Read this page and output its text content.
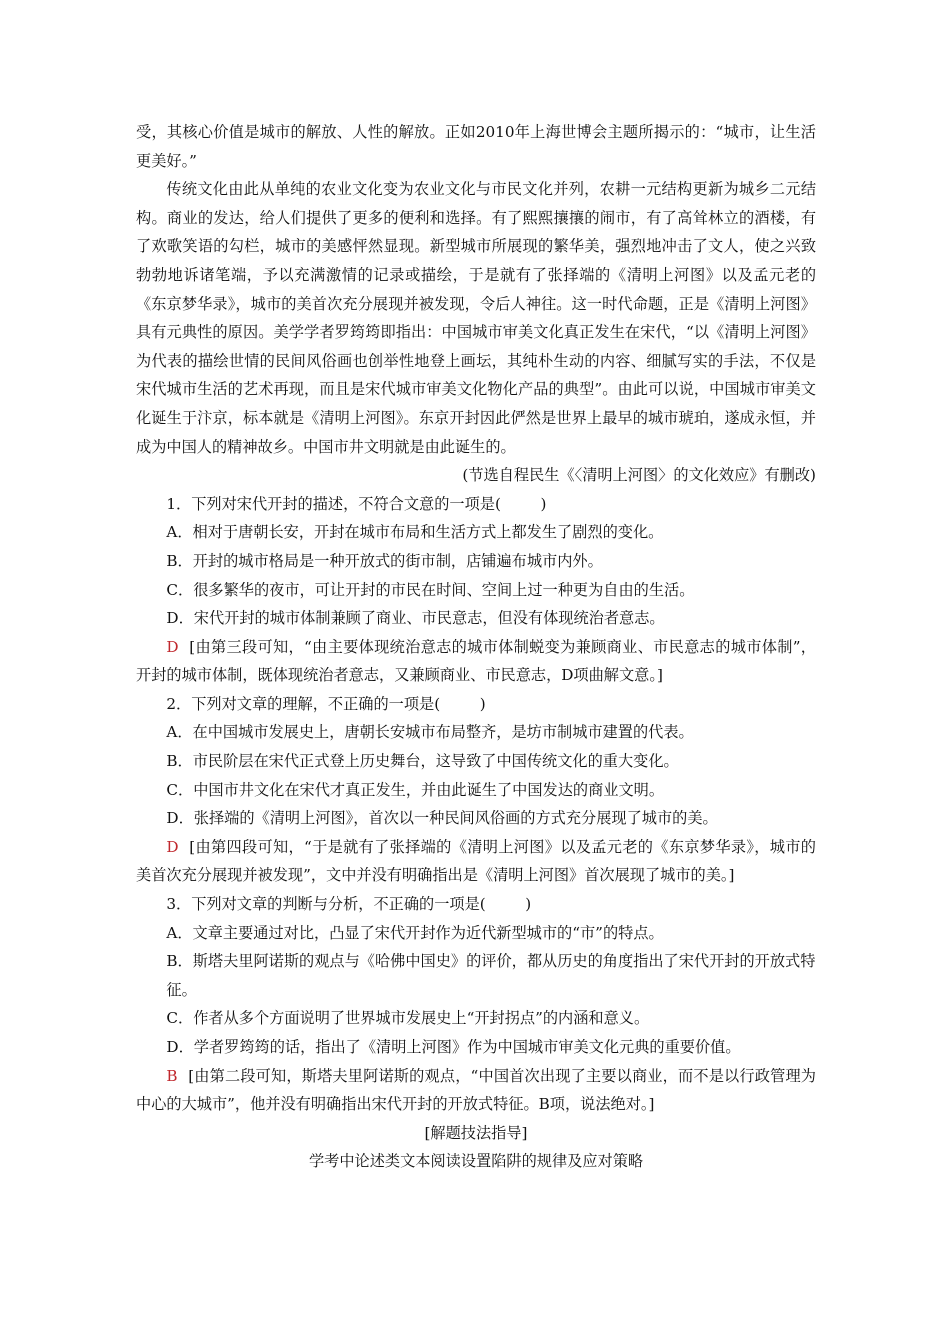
受，其核心价值是城市的解放、人性的解放。正如2010年上海世博会主题所揭示的：“城市，让生活更美好。”

传统文化由此从单纯的农业文化变为农业文化与市民文化并列，农耕一元结构更新为城乡二元结构。商业的发达，给人们提供了更多的便利和选择。有了熙熙攘攘的闹市，有了高耸林立的酒楼，有了欢歌笑语的勾栏，城市的美感怦然显现。新型城市所展现的繁华美，强烈地冲击了文人，使之兴致勃勃地诉诸笔端，予以充满激情的记录或描绘，于是就有了张择端的《清明上河图》以及孟元老的《东京梦华录》，城市的美首次充分展现并被发现，令后人神往。这一时代命题，正是《清明上河图》具有元典性的原因。美学学者罗筠筠即指出：中国城市审美文化真正发生在宋代，“以《清明上河图》为代表的描绘世情的民间风俗画也创举性地登上画坛，其纯朴生动的内容、细腻写实的手法，不仅是宋代城市生活的艺术再现，而且是宋代城市审美文化物化产品的典型”。由此可以说，中国城市审美文化诞生于汴京，标本就是《清明上河图》。东京开封因此俨然是世界上最早的城市琥珀，遂成永恒，并成为中国人的精神故乡。中国市井文明就是由此诞生的。

(节选自程民生《〈清明上河图〉的文化效应》有删改)

1．下列对宋代开封的描述，不符合文意的一项是(	)

A．相对于唐朝长安，开封在城市布局和生活方式上都发生了剧烈的变化。

B．开封的城市格局是一种开放式的街市制，店铺遍布城市内外。

C．很多繁华的夜市，可让开封的市民在时间、空间上过一种更为自由的生活。

D．宋代开封的城市体制兼顾了商业、市民意志，但没有体现统治者意志。

D [由第三段可知，“由主要体现统治意志的城市体制蜕变为兼顾商业、市民意志的城市体制”，开封的城市体制，既体现统治者意志，又兼顾商业、市民意志，D项曲解文意。]

2．下列对文章的理解，不正确的一项是(	)

A．在中国城市发展史上，唐朝长安城市布局整齐，是坊市制城市建置的代表。

B．市民阶层在宋代正式登上历史舞台，这导致了中国传统文化的重大变化。

C．中国市井文化在宋代才真正发生，并由此诞生了中国发达的商业文明。

D．张择端的《清明上河图》，首次以一种民间风俗画的方式充分展现了城市的美。

D [由第四段可知，“于是就有了张择端的《清明上河图》以及孟元老的《东京梦华录》，城市的美首次充分展现并被发现”，文中并没有明确指出是《清明上河图》首次展现了城市的美。]

3．下列对文章的判断与分析，不正确的一项是(	)

A．文章主要通过对比，凸显了宋代开封作为近代新型城市的“市”的特点。

B．斯塔夫里阿诺斯的观点与《哈佛中国史》的评价，都从历史的角度指出了宋代开封的开放式特征。

C．作者从多个方面说明了世界城市发展史上“开封拐点”的内涵和意义。

D．学者罗筠筠的话，指出了《清明上河图》作为中国城市审美文化元典的重要价值。

B [由第二段可知，斯塔夫里阿诺斯的观点，“中国首次出现了主要以商业，而不是以行政管理为中心的大城市”，他并没有明确指出宋代开封的开放式特征。B项，说法绝对。]

[解题技法指导]

学考中论述类文本阅读设置陷阱的规律及应对策略
